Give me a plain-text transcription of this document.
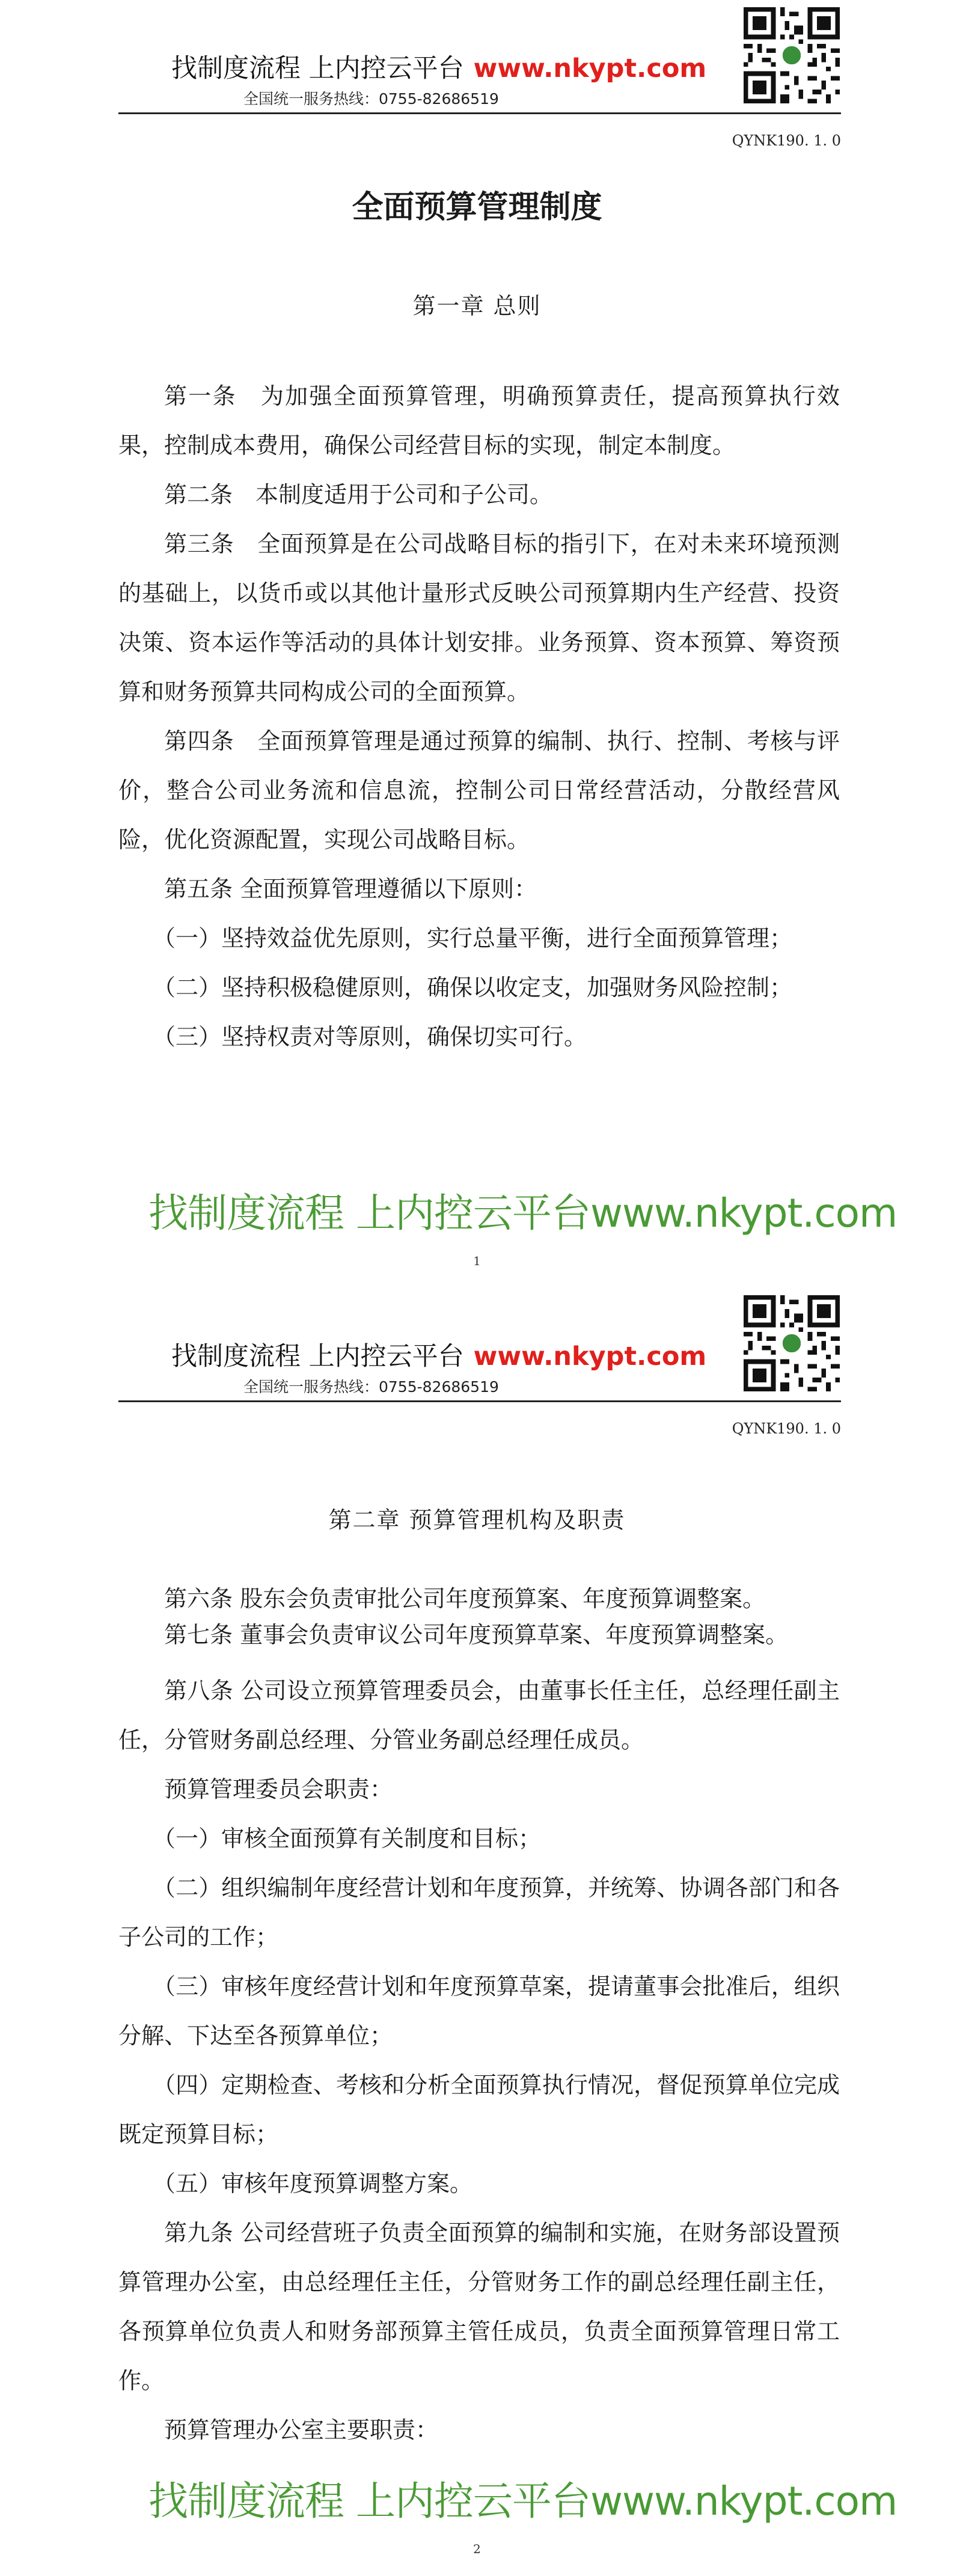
找制度流程 上内控云平台 www.nkypt.com
全国统一服务热线：0755-82686519
QYNK190. 1. 0
全面预算管理制度
第一章 总则

第一条　为加强全面预算管理，明确预算责任，提高预算执行效果，控制成本费用，确保公司经营目标的实现，制定本制度。

第二条　本制度适用于公司和子公司。

第三条　全面预算是在公司战略目标的指引下，在对未来环境预测的基础上，以货币或以其他计量形式反映公司预算期内生产经营、投资决策、资本运作等活动的具体计划安排。业务预算、资本预算、筹资预算和财务预算共同构成公司的全面预算。

第四条　全面预算管理是通过预算的编制、执行、控制、考核与评价，整合公司业务流和信息流，控制公司日常经营活动，分散经营风险，优化资源配置，实现公司战略目标。

第五条 全面预算管理遵循以下原则：

（一）坚持效益优先原则，实行总量平衡，进行全面预算管理；

（二）坚持积极稳健原则，确保以收定支，加强财务风险控制；

（三）坚持权责对等原则，确保切实可行。

找制度流程 上内控云平台www.nkypt.com
1
找制度流程 上内控云平台 www.nkypt.com
全国统一服务热线：0755-82686519
QYNK190. 1. 0
第二章 预算管理机构及职责

第六条 股东会负责审批公司年度预算案、年度预算调整案。

第七条 董事会负责审议公司年度预算草案、年度预算调整案。

第八条 公司设立预算管理委员会，由董事长任主任，总经理任副主任，分管财务副总经理、分管业务副总经理任成员。

预算管理委员会职责：

（一）审核全面预算有关制度和目标；

（二）组织编制年度经营计划和年度预算，并统筹、协调各部门和各子公司的工作；

（三）审核年度经营计划和年度预算草案，提请董事会批准后，组织分解、下达至各预算单位；

（四）定期检查、考核和分析全面预算执行情况，督促预算单位完成既定预算目标；

（五）审核年度预算调整方案。

第九条 公司经营班子负责全面预算的编制和实施，在财务部设置预算管理办公室，由总经理任主任，分管财务工作的副总经理任副主任，各预算单位负责人和财务部预算主管任成员，负责全面预算管理日常工作。

预算管理办公室主要职责：

找制度流程 上内控云平台www.nkypt.com
2
